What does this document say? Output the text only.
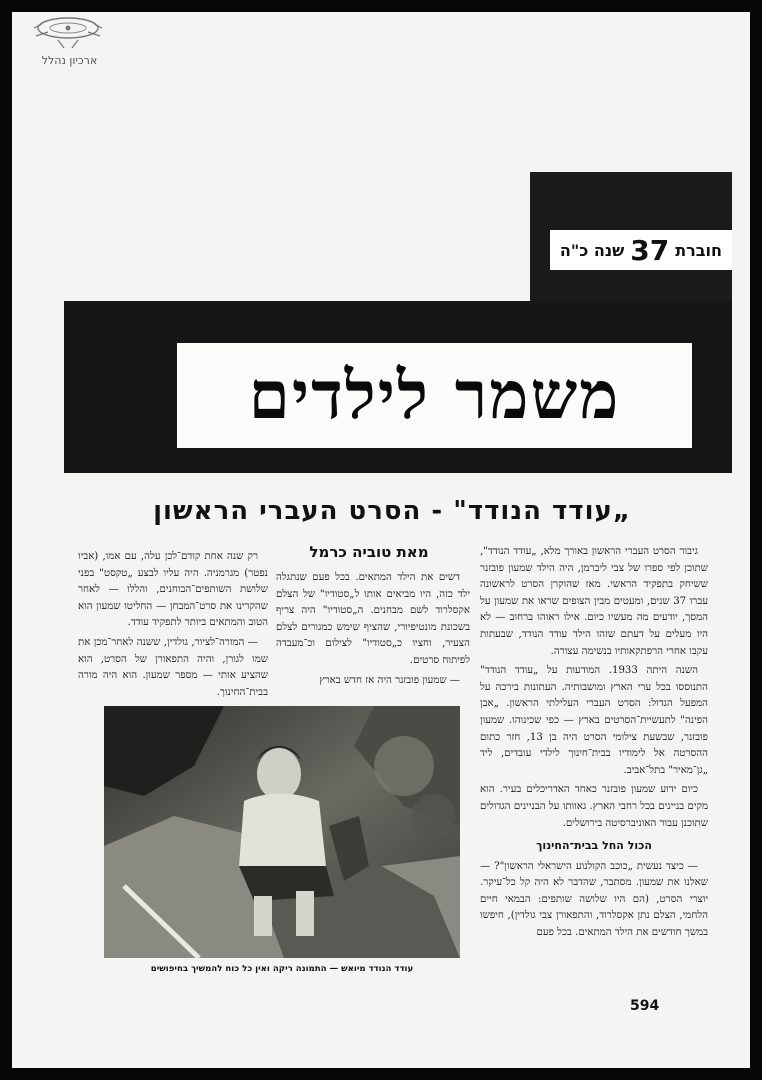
ארכיון נהלל
חוברת
37
שנה כ"ה
משמר לילדים
„עודד הנודד" - הסרט העברי הראשון
מאת טוביה כרמל	גיבור הסרט העברי הראשון באורך מלא, „עודד הנודד", שתוכן לפי ספרו של צבי ליברמן, היה הילד שמעון פובזנר ששיחק בתפקיד הראשי. מאז שהוקרן הסרט לראשונה עברו 37 שנים, ומעטים מבין הצופים שראו את שמעון על המסך, יודעים מה מעשיו כיום. אילו ראוהו ברחוב — לא היו מעלים על דעתם שזהו הילד עודד הנודד, שבעתות עקבו אחרי הרפתקאותיו בנשימה עצורה.

השנה היתה 1933. המודעות על „עודד הנודד" התנוססו בכל ערי הארץ ומושבותיה. העתונות בירכה על המפעל הגדול: הסרט העברי העלילתי הראשון. „אבן הפינה" לתעשיית־הסרטים בארץ — כפי שכינוהו. שמעון פובזנר, שבשעת צילומי הסרט היה בן 13, חזר כתום ההסרטה אל לימודיו בבית־חינוך לילדי עובדים, ליד „גן־מאיר" בתל־אביב.

כיום ידוע שמעון פובזנר כאחד האדריכלים בעיר. הוא מקים בניינים בכל רחבי הארץ. גאוותו על הבניינים הגדולים שתוכנן עבור האוניברסיטה בירושלים.

הכול החל בבית־החינוך

— כיצד נעשית „כוכב הקולנוע הישראלי הראשון"? — שאלנו את שמעון. מסתבר, שהדבר לא היה קל כל־עיקר. יוצרי הסרט, (הם היו שלושה שותפים: הבמאי חיים הלחמי, הצלם נתן אקסלרוד, והתפאורן צבי גולדין), חיפשו במשך חודשים את הילד המתאים. בכל פעם

דשים את הילד המתאים. בכל פעם שנתגלה ילד כזה, היו מביאים אותו ל„סטודיו" של הצלם אקסלרוד לשם מבחנים. ה„סטודיו" היה צריף בשכונת מונטיפיורי, שהציף שימש כמגורים לצלם הצעיר, וחציו כ„סטודיו" לצילום וכ־מעבדה לפיתוח סרטים.

— שמעון פובזנר היה אז חדש בארץ

רק שנה אחת קודם־לכן עלה, עם אמו, (אביו נפטר) מגרמניה. היה עליו לבצע „טקסט" בפני שלושת השותפים־הבוחנים, והללו — לאחר שהקרינו את סרט־המבחן — החליטו שמעון הוא הטוב והמתאים ביותר לתפקיד עודד.

— המורה־לציור, גולדין, ששנה לאחר־מכן את שמו לגורן, והיה התפאורן של הסרט, הוא שהציע אותי — מספר שמעון. הוא היה מורה בבית־החינוך.

עודד הנודד מיואש — התמונה ריקה ואין כל כוח להמשיך בחיפושים
594
